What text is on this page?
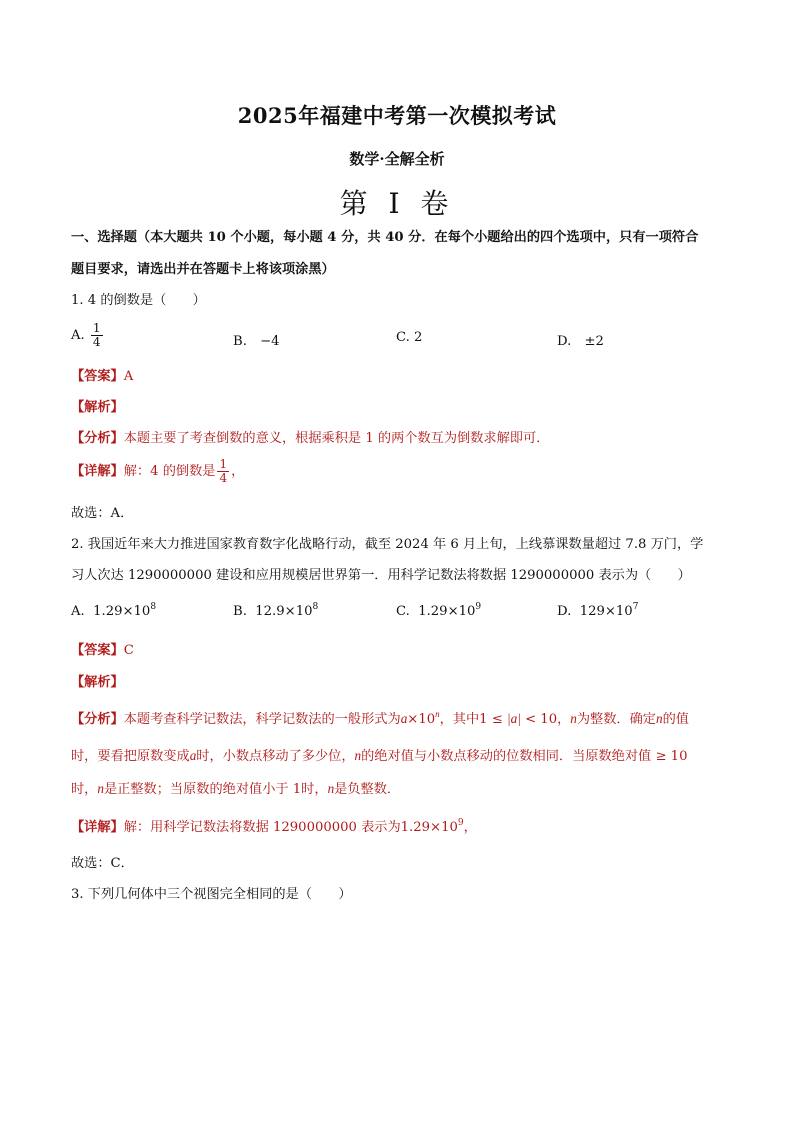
2025年福建中考第一次模拟考试
数学·全解全析
第 I 卷
一、选择题（本大题共 10 个小题，每小题 4 分，共 40 分．在每个小题给出的四个选项中，只有一项符合
题目要求，请选出并在答题卡上将该项涂黑）
1. 4 的倒数是（　　）
A. $\frac{1}{4}$	B.　−4	C. 2	D.　±2
【答案】A
【解析】
【分析】本题主要了考查倒数的意义，根据乘积是 1 的两个数互为倒数求解即可．
【详解】解：4 的倒数是 $\frac{1}{4}$ ，
故选：A．
2. 我国近年来大力推进国家教育数字化战略行动，截至 2024 年 6 月上旬，上线慕课数量超过 7.8 万门，学
习人次达 1290000000 建设和应用规模居世界第一．用科学记数法将数据 1290000000 表示为（　　）
A. $1.29\times 10^8$	B. $12.9\times 10^8$	C. $1.29\times 10^9$	D. $129\times 10^7$
【答案】C
【解析】
【分析】本题考查科学记数法，科学记数法的一般形式为$a\times 10^n$，其中1 ≤ |a| < 10，n为整数．确定n的值
时，要看把原数变成a时，小数点移动了多少位，n的绝对值与小数点移动的位数相同．当原数绝对值 ≥ 10
时，n是正整数；当原数的绝对值小于 1时，n是负整数．
【详解】解：用科学记数法将数据 1290000000 表示为$1.29\times 10^9$，
故选：C．
3. 下列几何体中三个视图完全相同的是（　　）
